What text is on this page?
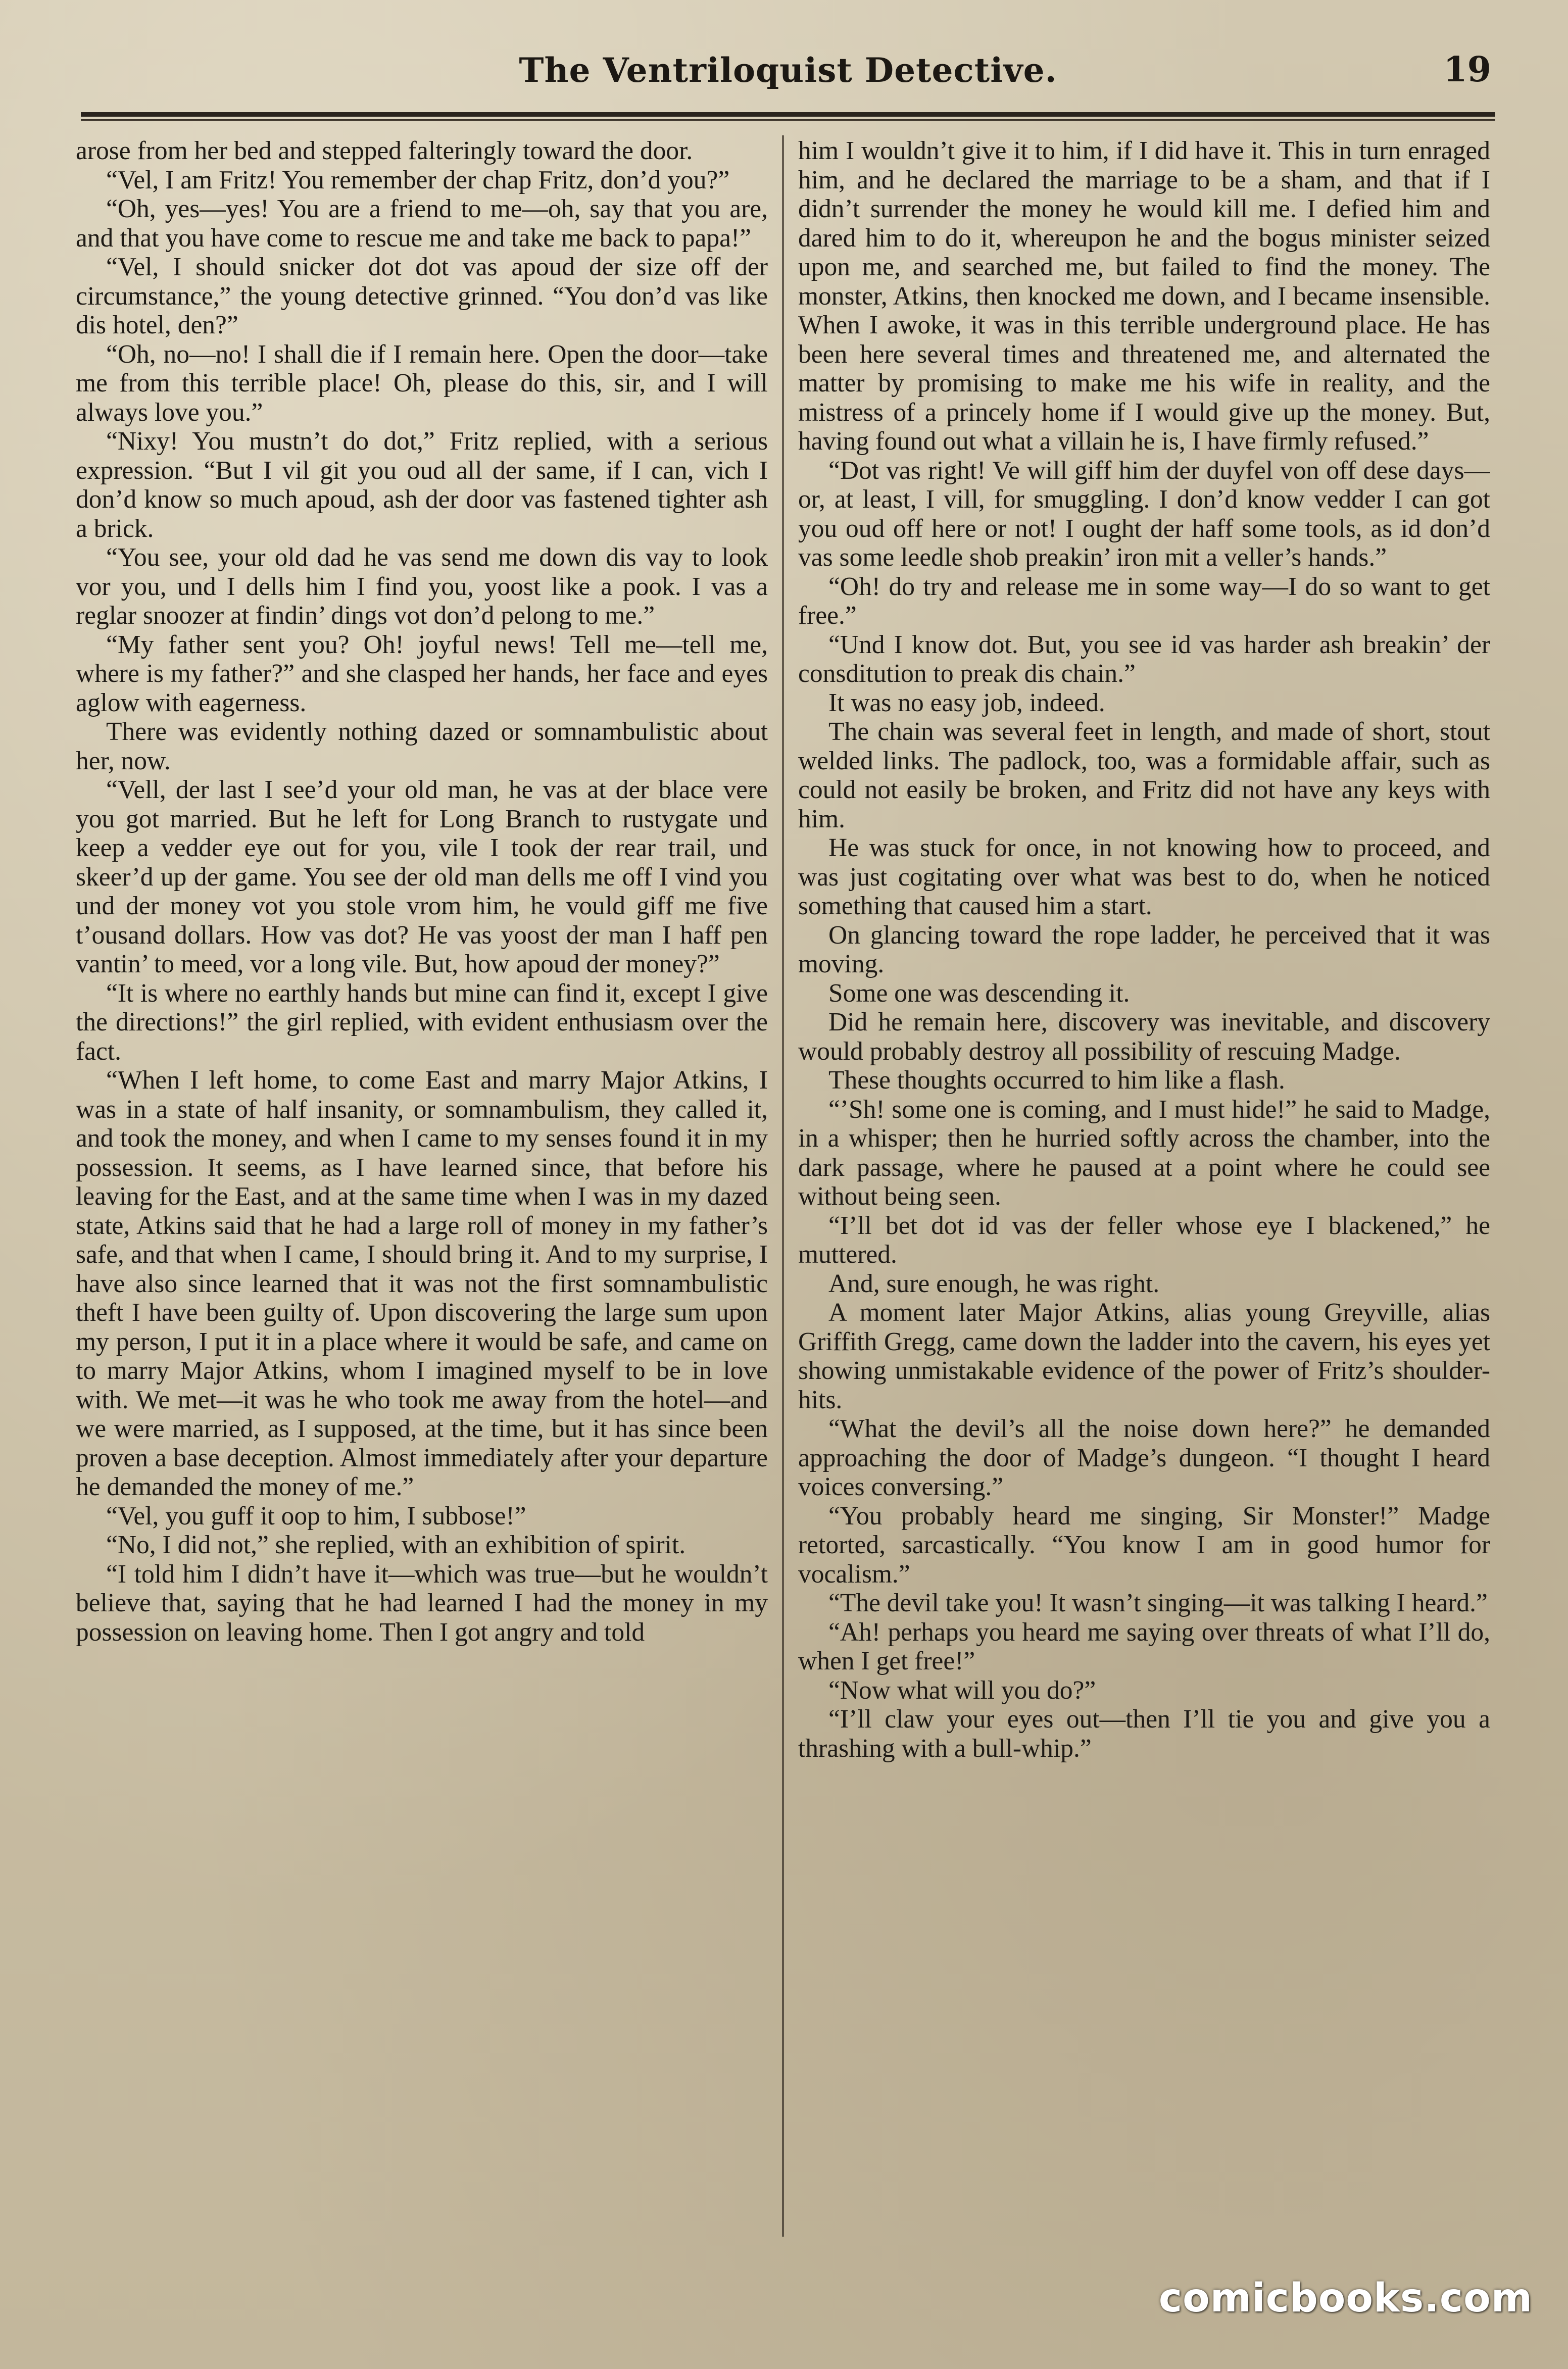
The Ventriloquist Detective.	19

arose from her bed and stepped falteringly toward the door.

“Vel, I am Fritz! You remember der chap Fritz, don’d you?”

“Oh, yes—yes! You are a friend to me—oh, say that you are, and that you have come to rescue me and take me back to papa!”

“Vel, I should snicker dot dot vas apoud der size off der circumstance,” the young detective grinned. “You don’d vas like dis hotel, den?”

“Oh, no—no! I shall die if I remain here. Open the door—take me from this terrible place! Oh, please do this, sir, and I will always love you.”

“Nixy! You mustn’t do dot,” Fritz replied, with a serious expression. “But I vil git you oud all der same, if I can, vich I don’d know so much apoud, ash der door vas fastened tighter ash a brick.

“You see, your old dad he vas send me down dis vay to look vor you, und I dells him I find you, yoost like a pook. I vas a reglar snoozer at findin’ dings vot don’d pelong to me.”

“My father sent you? Oh! joyful news! Tell me—tell me, where is my father?” and she clasped her hands, her face and eyes aglow with eagerness.

There was evidently nothing dazed or somnambulistic about her, now.

“Vell, der last I see’d your old man, he vas at der blace vere you got married. But he left for Long Branch to rustygate und keep a vedder eye out for you, vile I took der rear trail, und skeer’d up der game. You see der old man dells me off I vind you und der money vot you stole vrom him, he vould giff me five t’ousand dollars. How vas dot? He vas yoost der man I haff pen vantin’ to meed, vor a long vile. But, how apoud der money?”

“It is where no earthly hands but mine can find it, except I give the directions!” the girl replied, with evident enthusiasm over the fact.

“When I left home, to come East and marry Major Atkins, I was in a state of half insanity, or somnambulism, they called it, and took the money, and when I came to my senses found it in my possession. It seems, as I have learned since, that before his leaving for the East, and at the same time when I was in my dazed state, Atkins said that he had a large roll of money in my father’s safe, and that when I came, I should bring it. And to my surprise, I have also since learned that it was not the first somnambulistic theft I have been guilty of. Upon discovering the large sum upon my person, I put it in a place where it would be safe, and came on to marry Major Atkins, whom I imagined myself to be in love with. We met—it was he who took me away from the hotel—and we were married, as I supposed, at the time, but it has since been proven a base deception. Almost immediately after your departure he demanded the money of me.”

“Vel, you guff it oop to him, I subbose!”

“No, I did not,” she replied, with an exhibition of spirit.

“I told him I didn’t have it—which was true—but he wouldn’t believe that, saying that he had learned I had the money in my possession on leaving home. Then I got angry and told

him I wouldn’t give it to him, if I did have it. This in turn enraged him, and he declared the marriage to be a sham, and that if I didn’t surrender the money he would kill me. I defied him and dared him to do it, whereupon he and the bogus minister seized upon me, and searched me, but failed to find the money. The monster, Atkins, then knocked me down, and I became insensible. When I awoke, it was in this terrible underground place. He has been here several times and threatened me, and alternated the matter by promising to make me his wife in reality, and the mistress of a princely home if I would give up the money. But, having found out what a villain he is, I have firmly refused.”

“Dot vas right! Ve will giff him der duyfel von off dese days—or, at least, I vill, for smuggling. I don’d know vedder I can got you oud off here or not! I ought der haff some tools, as id don’d vas some leedle shob preakin’ iron mit a veller’s hands.”

“Oh! do try and release me in some way—I do so want to get free.”

“Und I know dot. But, you see id vas harder ash breakin’ der consditution to preak dis chain.”

It was no easy job, indeed.

The chain was several feet in length, and made of short, stout welded links. The padlock, too, was a formidable affair, such as could not easily be broken, and Fritz did not have any keys with him.

He was stuck for once, in not knowing how to proceed, and was just cogitating over what was best to do, when he noticed something that caused him a start.

On glancing toward the rope ladder, he perceived that it was moving.

Some one was descending it.

Did he remain here, discovery was inevitable, and discovery would probably destroy all possibility of rescuing Madge.

These thoughts occurred to him like a flash.

“’Sh! some one is coming, and I must hide!” he said to Madge, in a whisper; then he hurried softly across the chamber, into the dark passage, where he paused at a point where he could see without being seen.

“I’ll bet dot id vas der feller whose eye I blackened,” he muttered.

And, sure enough, he was right.

A moment later Major Atkins, alias young Greyville, alias Griffith Gregg, came down the ladder into the cavern, his eyes yet showing unmistakable evidence of the power of Fritz’s shoulder-hits.

“What the devil’s all the noise down here?” he demanded approaching the door of Madge’s dungeon. “I thought I heard voices conversing.”

“You probably heard me singing, Sir Monster!” Madge retorted, sarcastically. “You know I am in good humor for vocalism.”

“The devil take you! It wasn’t singing—it was talking I heard.”

“Ah! perhaps you heard me saying over threats of what I’ll do, when I get free!”

“Now what will you do?”

“I’ll claw your eyes out—then I’ll tie you and give you a thrashing with a bull-whip.”

comicbooks.com
